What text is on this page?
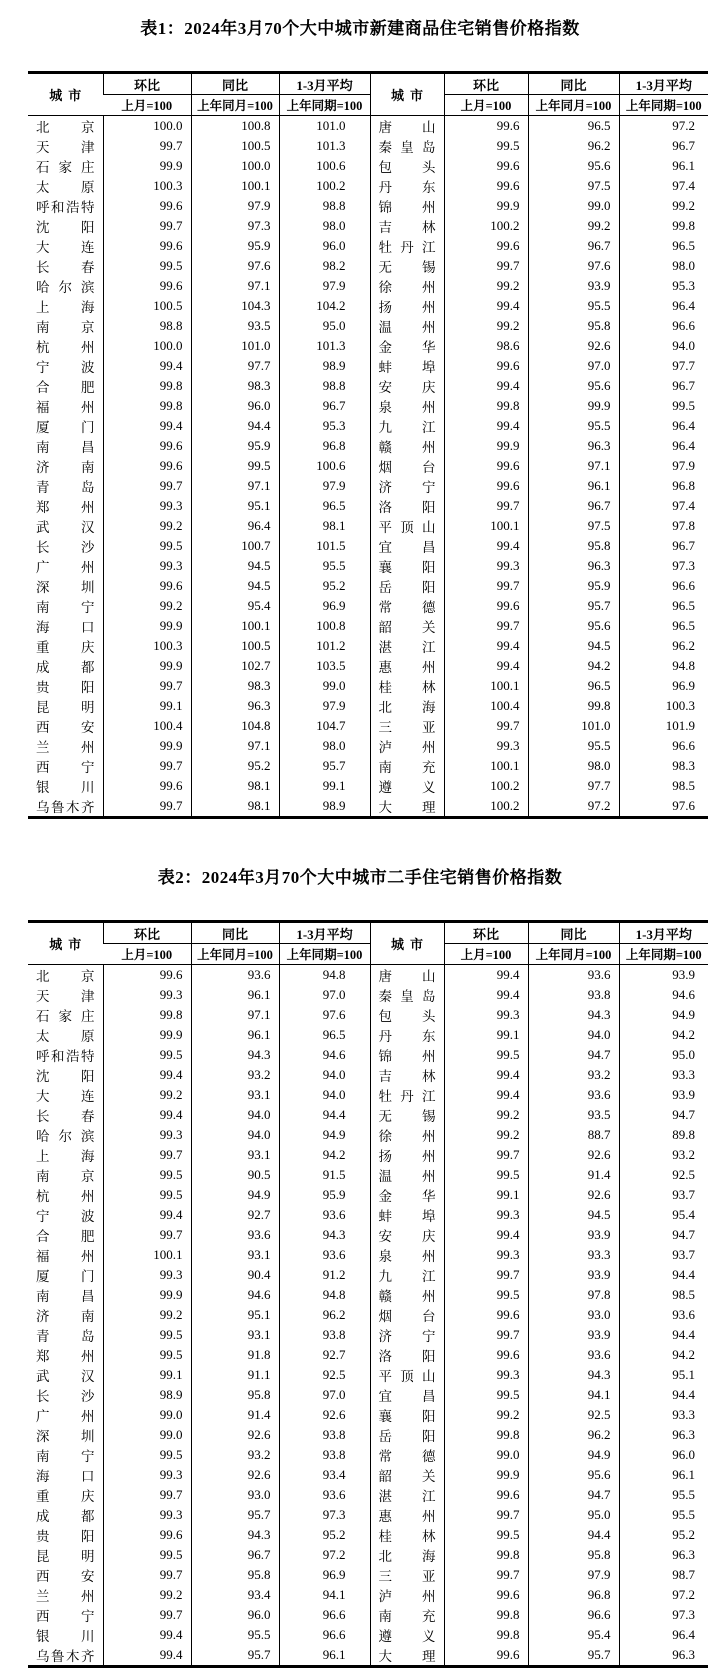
表1：2024年3月70个大中城市新建商品住宅销售价格指数
城市	环比	同比	1-3月平均	城市	环比	同比	1-3月平均
	上月=100	上年同月=100	上年同期=100		上月=100	上年同月=100	上年同期=100
北京	100.0	100.8	101.0	唐山	99.6	96.5	97.2
天津	99.7	100.5	101.3	秦皇岛	99.5	96.2	96.7
石家庄	99.9	100.0	100.6	包头	99.6	95.6	96.1
太原	100.3	100.1	100.2	丹东	99.6	97.5	97.4
呼和浩特	99.6	97.9	98.8	锦州	99.9	99.0	99.2
沈阳	99.7	97.3	98.0	吉林	100.2	99.2	99.8
大连	99.6	95.9	96.0	牡丹江	99.6	96.7	96.5
长春	99.5	97.6	98.2	无锡	99.7	97.6	98.0
哈尔滨	99.6	97.1	97.9	徐州	99.2	93.9	95.3
上海	100.5	104.3	104.2	扬州	99.4	95.5	96.4
南京	98.8	93.5	95.0	温州	99.2	95.8	96.6
杭州	100.0	101.0	101.3	金华	98.6	92.6	94.0
宁波	99.4	97.7	98.9	蚌埠	99.6	97.0	97.7
合肥	99.8	98.3	98.8	安庆	99.4	95.6	96.7
福州	99.8	96.0	96.7	泉州	99.8	99.9	99.5
厦门	99.4	94.4	95.3	九江	99.4	95.5	96.4
南昌	99.6	95.9	96.8	赣州	99.9	96.3	96.4
济南	99.6	99.5	100.6	烟台	99.6	97.1	97.9
青岛	99.7	97.1	97.9	济宁	99.6	96.1	96.8
郑州	99.3	95.1	96.5	洛阳	99.7	96.7	97.4
武汉	99.2	96.4	98.1	平顶山	100.1	97.5	97.8
长沙	99.5	100.7	101.5	宜昌	99.4	95.8	96.7
广州	99.3	94.5	95.5	襄阳	99.3	96.3	97.3
深圳	99.6	94.5	95.2	岳阳	99.7	95.9	96.6
南宁	99.2	95.4	96.9	常德	99.6	95.7	96.5
海口	99.9	100.1	100.8	韶关	99.7	95.6	96.5
重庆	100.3	100.5	101.2	湛江	99.4	94.5	96.2
成都	99.9	102.7	103.5	惠州	99.4	94.2	94.8
贵阳	99.7	98.3	99.0	桂林	100.1	96.5	96.9
昆明	99.1	96.3	97.9	北海	100.4	99.8	100.3
西安	100.4	104.8	104.7	三亚	99.7	101.0	101.9
兰州	99.9	97.1	98.0	泸州	99.3	95.5	96.6
西宁	99.7	95.2	95.7	南充	100.1	98.0	98.3
银川	99.6	98.1	99.1	遵义	100.2	97.7	98.5
乌鲁木齐	99.7	98.1	98.9	大理	100.2	97.2	97.6
表2：2024年3月70个大中城市二手住宅销售价格指数
城市	环比	同比	1-3月平均	城市	环比	同比	1-3月平均
	上月=100	上年同月=100	上年同期=100		上月=100	上年同月=100	上年同期=100
北京	99.6	93.6	94.8	唐山	99.4	93.6	93.9
天津	99.3	96.1	97.0	秦皇岛	99.4	93.8	94.6
石家庄	99.8	97.1	97.6	包头	99.3	94.3	94.9
太原	99.9	96.1	96.5	丹东	99.1	94.0	94.2
呼和浩特	99.5	94.3	94.6	锦州	99.5	94.7	95.0
沈阳	99.4	93.2	94.0	吉林	99.4	93.2	93.3
大连	99.2	93.1	94.0	牡丹江	99.4	93.6	93.9
长春	99.4	94.0	94.4	无锡	99.2	93.5	94.7
哈尔滨	99.3	94.0	94.9	徐州	99.2	88.7	89.8
上海	99.7	93.1	94.2	扬州	99.7	92.6	93.2
南京	99.5	90.5	91.5	温州	99.5	91.4	92.5
杭州	99.5	94.9	95.9	金华	99.1	92.6	93.7
宁波	99.4	92.7	93.6	蚌埠	99.3	94.5	95.4
合肥	99.7	93.6	94.3	安庆	99.4	93.9	94.7
福州	100.1	93.1	93.6	泉州	99.3	93.3	93.7
厦门	99.3	90.4	91.2	九江	99.7	93.9	94.4
南昌	99.9	94.6	94.8	赣州	99.5	97.8	98.5
济南	99.2	95.1	96.2	烟台	99.6	93.0	93.6
青岛	99.5	93.1	93.8	济宁	99.7	93.9	94.4
郑州	99.5	91.8	92.7	洛阳	99.6	93.6	94.2
武汉	99.1	91.1	92.5	平顶山	99.3	94.3	95.1
长沙	98.9	95.8	97.0	宜昌	99.5	94.1	94.4
广州	99.0	91.4	92.6	襄阳	99.2	92.5	93.3
深圳	99.0	92.6	93.8	岳阳	99.8	96.2	96.3
南宁	99.5	93.2	93.8	常德	99.0	94.9	96.0
海口	99.3	92.6	93.4	韶关	99.9	95.6	96.1
重庆	99.7	93.0	93.6	湛江	99.6	94.7	95.5
成都	99.3	95.7	97.3	惠州	99.7	95.0	95.5
贵阳	99.6	94.3	95.2	桂林	99.5	94.4	95.2
昆明	99.5	96.7	97.2	北海	99.8	95.8	96.3
西安	99.7	95.8	96.9	三亚	99.7	97.9	98.7
兰州	99.2	93.4	94.1	泸州	99.6	96.8	97.2
西宁	99.7	96.0	96.6	南充	99.8	96.6	97.3
银川	99.4	95.5	96.6	遵义	99.8	95.4	96.4
乌鲁木齐	99.4	95.7	96.1	大理	99.6	95.7	96.3
